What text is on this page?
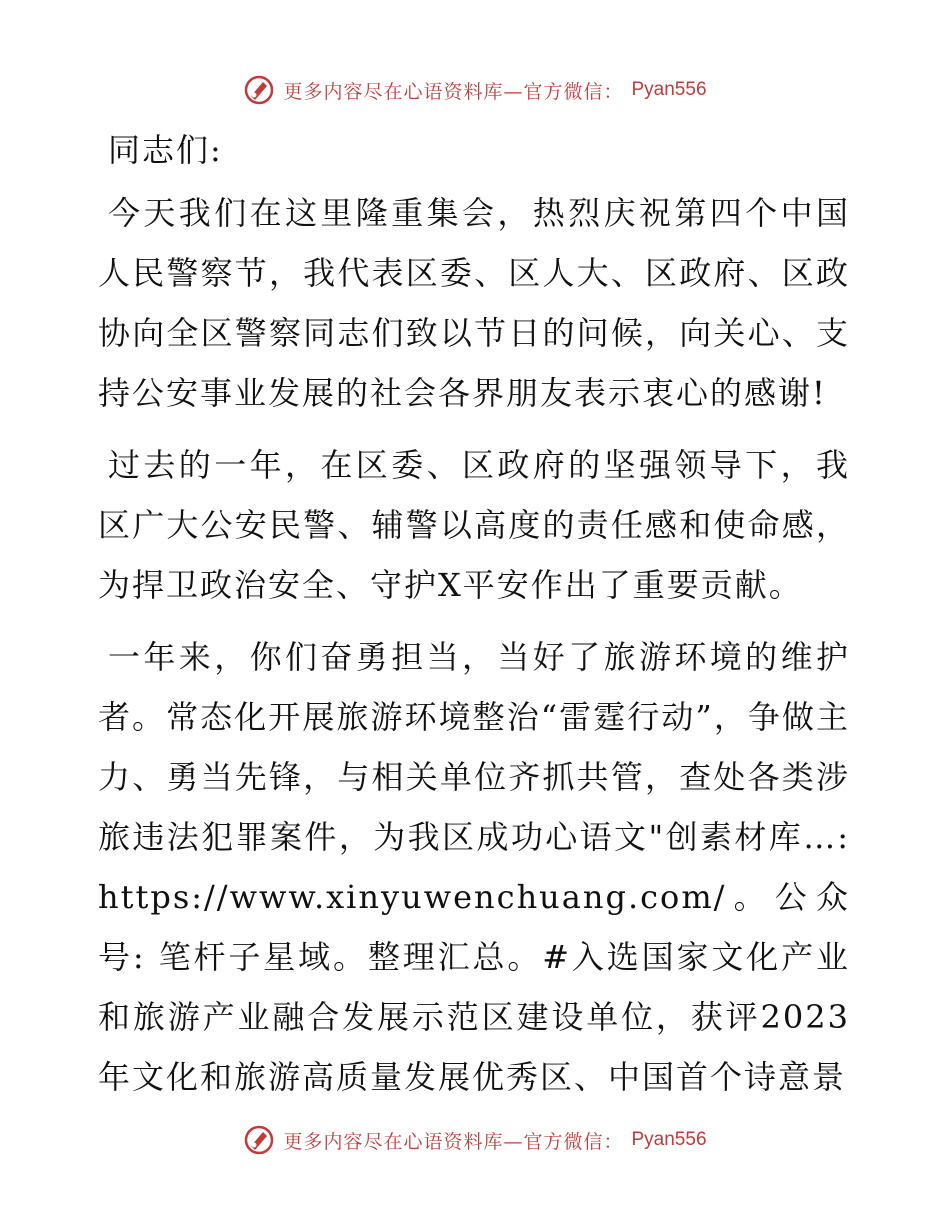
更多内容尽在心语资料库—官方微信： Pyan556
同志们:

今天我们在这里隆重集会，热烈庆祝第四个中国人民警察节，我代表区委、区人大、区政府、区政协向全区警察同志们致以节日的问候，向关心、支持公安事业发展的社会各界朋友表示衷心的感谢!

过去的一年，在区委、区政府的坚强领导下，我区广大公安民警、辅警以高度的责任感和使命感，为捍卫政治安全、守护X平安作出了重要贡献。

一年来，你们奋勇担当，当好了旅游环境的维护者。常态化开展旅游环境整治“雷霆行动”，争做主力、勇当先锋，与相关单位齐抓共管，查处各类涉旅违法犯罪案件，为我区成功心语文"创素材库…: https://www.xinyuwenchuang.com/。公众号: 笔杆子星域。整理汇总。#入选国家文化产业和旅游产业融合发展示范区建设单位，获评2023年文化和旅游高质量发展优秀区、中国首个诗意景

更多内容尽在心语资料库—官方微信： Pyan556
